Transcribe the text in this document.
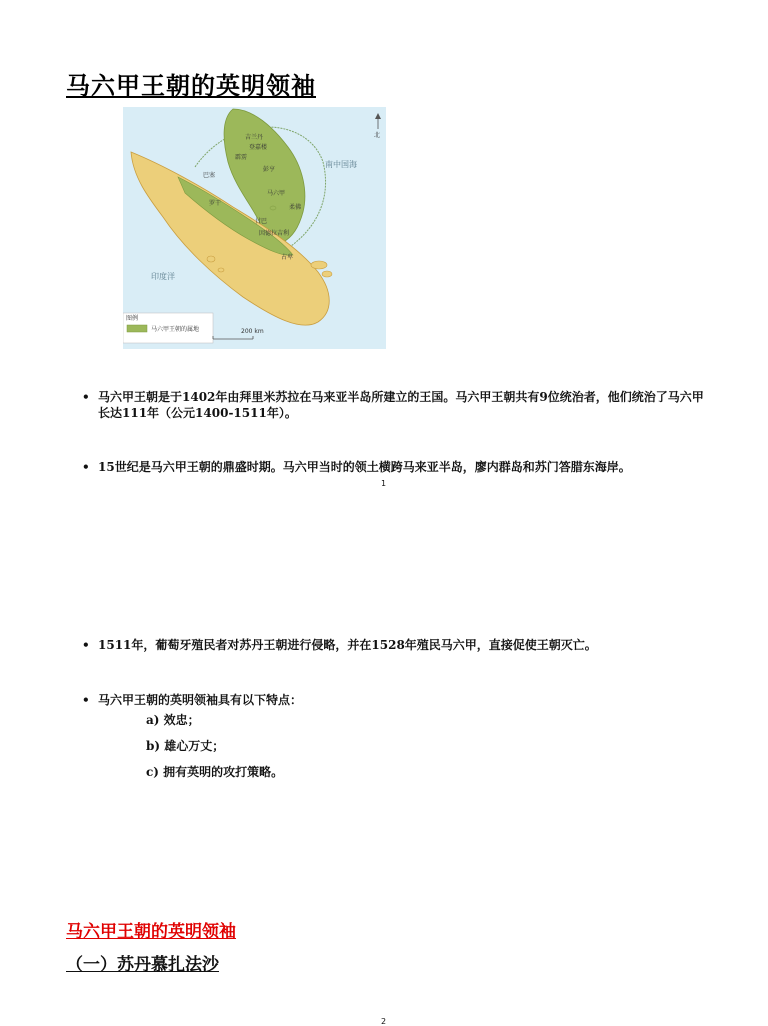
马六甲王朝的英明领袖
北
南中国海
印度洋
吉兰丹
登嘉楼
霹雳
彭亨
巴塞
马六甲
柔佛
罗干
甘巴
因德拉吉利
占卑
图例
马六甲王朝的属地	200 km
• 马六甲王朝是于1402年由拜里米苏拉在马来亚半岛所建立的王国。马六甲王朝共有9位统治者，他们统治了马六甲长达111年（公元1400-1511年）。
• 15世纪是马六甲王朝的鼎盛时期。马六甲当时的领土横跨马来亚半岛，廖内群岛和苏门答腊东海岸。
1
• 1511年，葡萄牙殖民者对苏丹王朝进行侵略，并在1528年殖民马六甲，直接促使王朝灭亡。
• 马六甲王朝的英明领袖具有以下特点：
a) 效忠；
b) 雄心万丈；
c) 拥有英明的攻打策略。
马六甲王朝的英明领袖
（一）苏丹慕扎法沙
2
